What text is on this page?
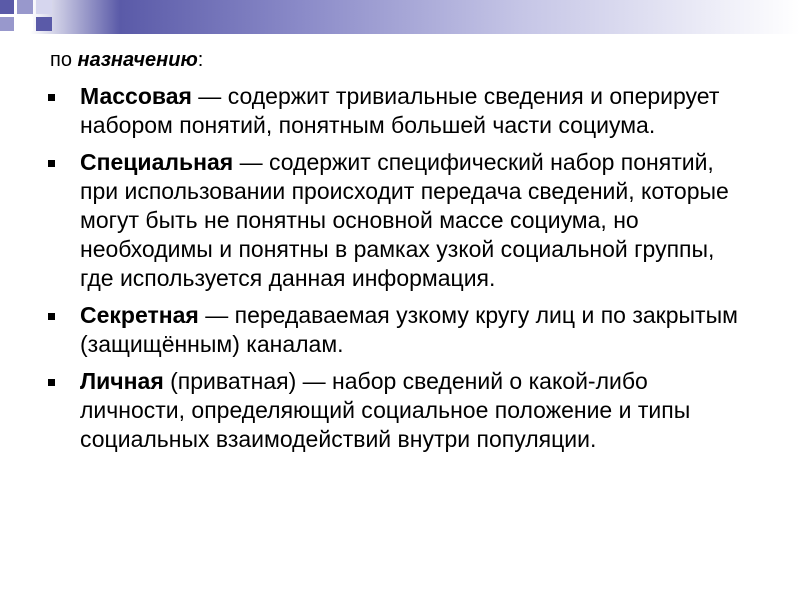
по назначению:
Массовая — содержит тривиальные сведения и оперирует набором понятий, понятным большей части социума.
Специальная — содержит специфический набор понятий, при использовании происходит передача сведений, которые могут быть не понятны основной массе социума, но необходимы и понятны в рамках узкой социальной группы, где используется данная информация.
Секретная — передаваемая узкому кругу лиц и по закрытым (защищённым) каналам.
Личная (приватная) — набор сведений о какой-либо личности, определяющий социальное положение и типы социальных взаимодействий внутри популяции.
